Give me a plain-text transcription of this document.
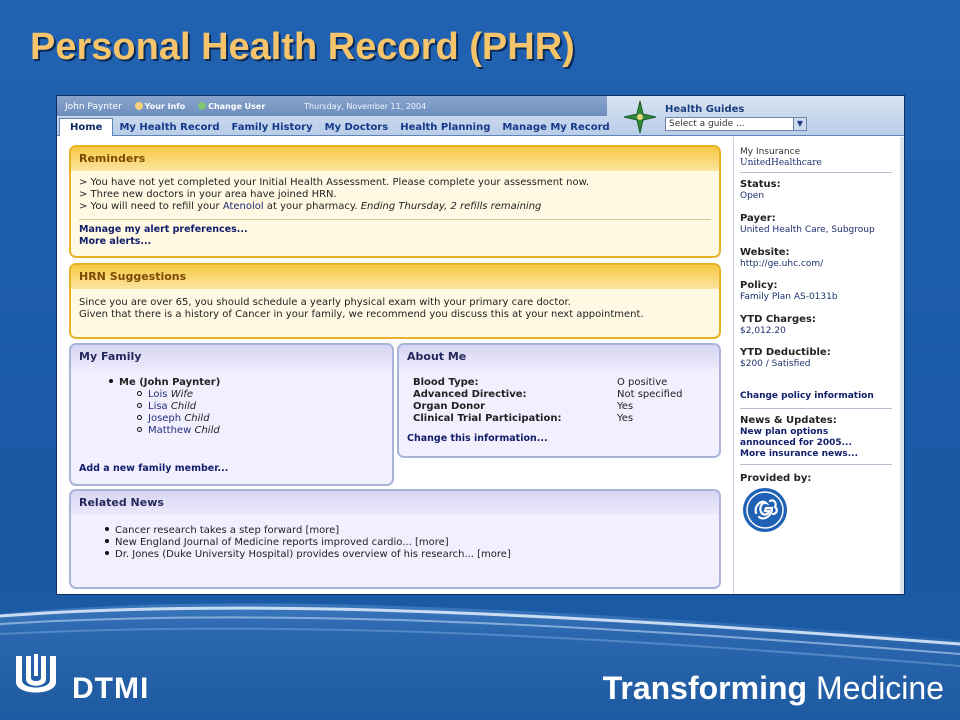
Personal Health Record (PHR)
John Paynter	Your Info	Change User	Thursday, November 11, 2004
Home My Health Record Family History My Doctors Health Planning Manage My Record
Health Guides
Select a guide ...	▼
Reminders
> You have not yet completed your Initial Health Assessment. Please complete your assessment now.
> Three new doctors in your area have joined HRN.
> You will need to refill your Atenolol at your pharmacy. Ending Thursday, 2 refills remaining
Manage my alert preferences...
More alerts...
HRN Suggestions
Since you are over 65, you should schedule a yearly physical exam with your primary care doctor.
Given that there is a history of Cancer in your family, we recommend you discuss this at your next appointment.
My Family
Me (John Paynter)
Lois Wife
Lisa Child
Joseph Child
Matthew Child
Add a new family member...
About Me
Blood Type:	O positive
Advanced Directive:	Not specified
Organ Donor	Yes
Clinical Trial Participation:	Yes
Change this information...
Related News
Cancer research takes a step forward [more]
New England Journal of Medicine reports improved cardio... [more]
Dr. Jones (Duke University Hospital) provides overview of his research... [more]
My Insurance
UnitedHealthcare
Status:
Open
Payer:
United Health Care, Subgroup
Website:
http://ge.uhc.com/
Policy:
Family Plan AS-0131b
YTD Charges:
$2,012.20
YTD Deductible:
$200 / Satisfied
Change policy information
News & Updates:
New plan options
announced for 2005...
More insurance news...
Provided by:
DTMI	Transforming Medicine
